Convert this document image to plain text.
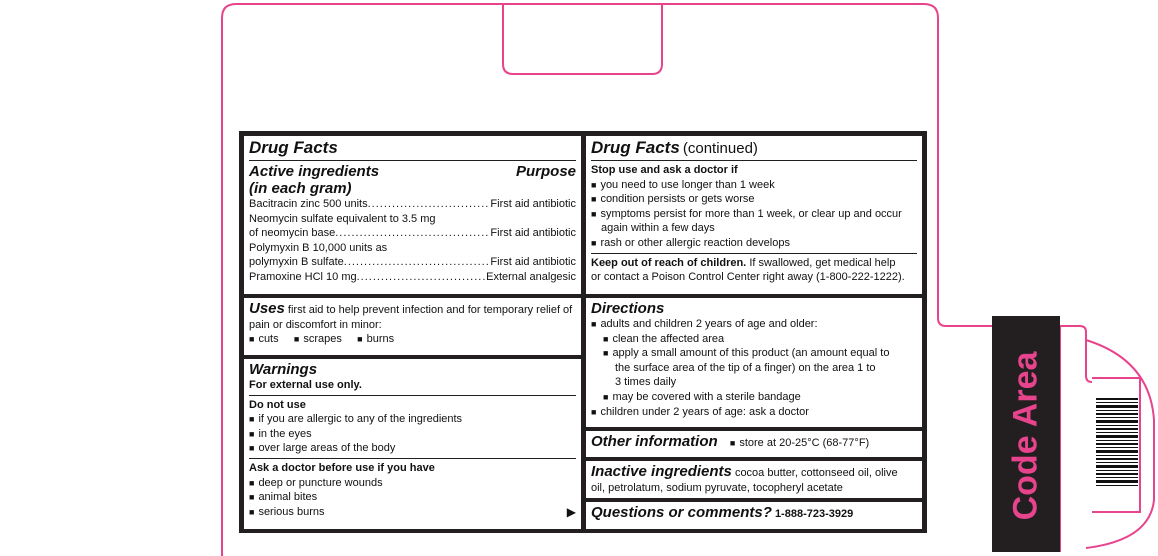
Code Area
Drug Facts
Active ingredients	Purpose
(in each gram)
Bacitracin zinc 500 units .....	First aid antibiotic
Neomycin sulfate equivalent to 3.5 mg
of neomycin base .....	First aid antibiotic
Polymyxin B 10,000 units as
polymyxin B sulfate .....	First aid antibiotic
Pramoxine HCl 10 mg .....	External analgesic
Uses first aid to help prevent infection and for temporary relief of pain or discomfort in minor:
■ cuts ■ scrapes ■ burns
Warnings
For external use only.
Do not use
■ if you are allergic to any of the ingredients
■ in the eyes
■ over large areas of the body
Ask a doctor before use if you have
■ deep or puncture wounds
■ animal bites
■ serious burns	▶
Drug Facts (continued)
Stop use and ask a doctor if
■ you need to use longer than 1 week
■ condition persists or gets worse
■ symptoms persist for more than 1 week, or clear up and occur
again within a few days
■ rash or other allergic reaction develops
Keep out of reach of children. If swallowed, get medical help
or contact a Poison Control Center right away (1-800-222-1222).
Directions
■ adults and children 2 years of age and older:
■ clean the affected area
■ apply a small amount of this product (an amount equal to
the surface area of the tip of a finger) on the area 1 to
3 times daily
■ may be covered with a sterile bandage
■ children under 2 years of age: ask a doctor
Other information ■ store at 20-25°C (68-77°F)
Inactive ingredients cocoa butter, cottonseed oil, olive
oil, petrolatum, sodium pyruvate, tocopheryl acetate
Questions or comments? 1-888-723-3929
